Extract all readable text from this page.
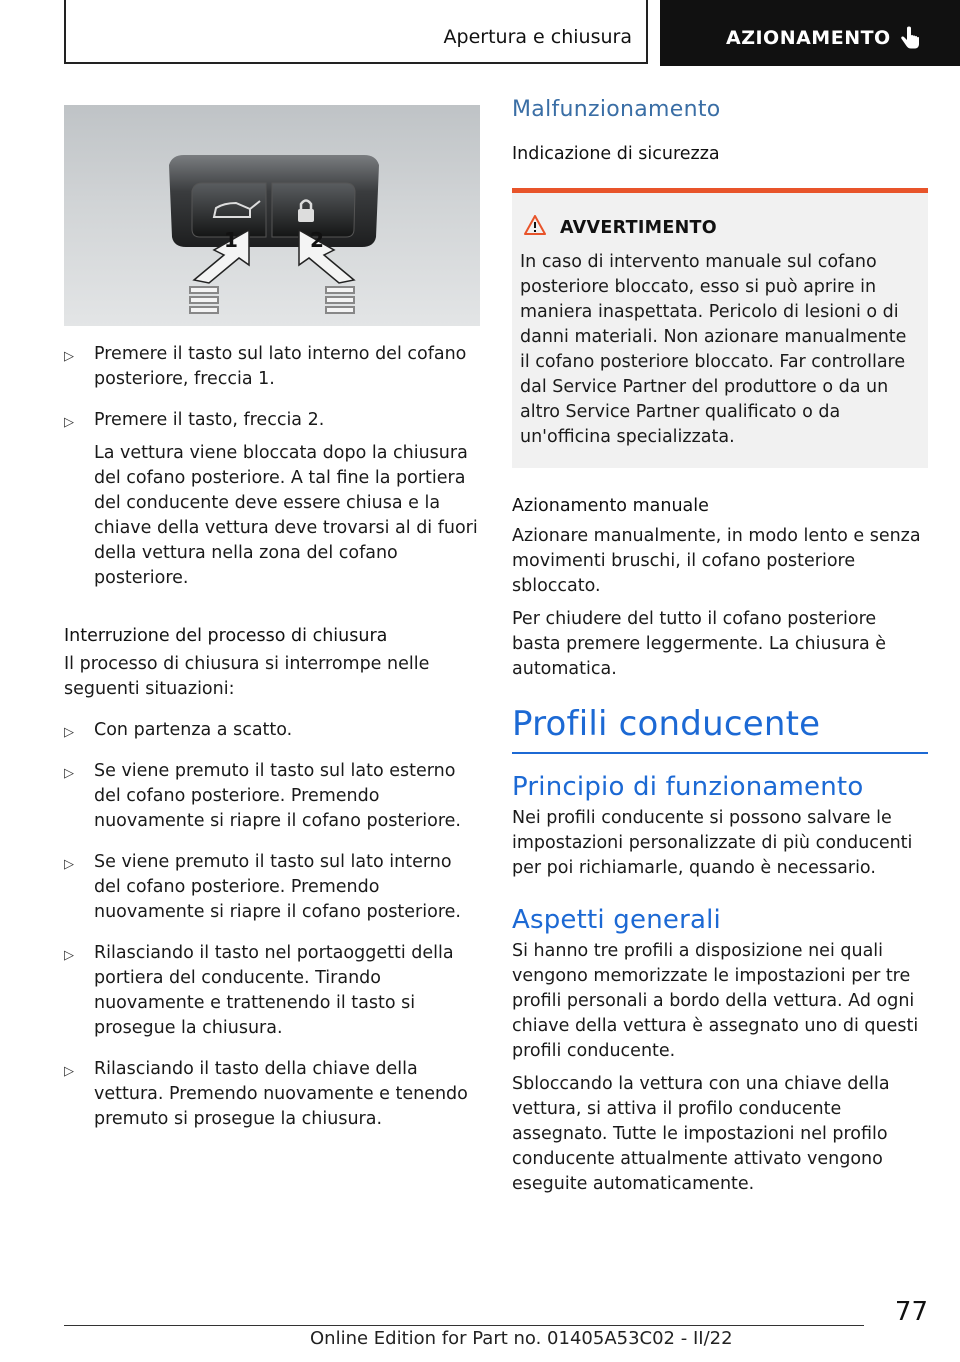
Apertura e chiusura	AZIONAMENTO
1	2
▷ Premere il tasto sul lato interno del cofano posteriore, freccia 1.
▷ Premere il tasto, freccia 2.

La vettura viene bloccata dopo la chiusura del cofano posteriore. A tal fine la portiera del conducente deve essere chiusa e la chiave della vettura deve trovarsi al di fuori della vettura nella zona del cofano posteriore.

Interruzione del processo di chiusura

Il processo di chiusura si interrompe nelle seguenti situazioni:

▷ Con partenza a scatto.
▷ Se viene premuto il tasto sul lato esterno del cofano posteriore. Premendo nuovamente si riapre il cofano posteriore.
▷ Se viene premuto il tasto sul lato interno del cofano posteriore. Premendo nuovamente si riapre il cofano posteriore.
▷ Rilasciando il tasto nel portaoggetti della portiera del conducente. Tirando nuovamente e trattenendo il tasto si prosegue la chiusura.
▷ Rilasciando il tasto della chiave della vettura. Premendo nuovamente e tenendo premuto si prosegue la chiusura.
Malfunzionamento
Indicazione di sicurezza
AVVERTIMENTO

In caso di intervento manuale sul cofano posteriore bloccato, esso si può aprire in maniera inaspettata. Pericolo di lesioni o di danni materiali. Non azionare manualmente il cofano posteriore bloccato. Far controllare dal Service Partner del produttore o da un altro Service Partner qualificato o da un'officina specializzata.

Azionamento manuale

Azionare manualmente, in modo lento e senza movimenti bruschi, il cofano posteriore sbloccato.

Per chiudere del tutto il cofano posteriore basta premere leggermente. La chiusura è automatica.

Profili conducente
Principio di funzionamento

Nei profili conducente si possono salvare le impostazioni personalizzate di più conducenti per poi richiamarle, quando è necessario.

Aspetti generali

Si hanno tre profili a disposizione nei quali vengono memorizzate le impostazioni per tre profili personali a bordo della vettura. Ad ogni chiave della vettura è assegnato uno di questi profili conducente.

Sbloccando la vettura con una chiave della vettura, si attiva il profilo conducente assegnato. Tutte le impostazioni nel profilo conducente attualmente attivato vengono eseguite automaticamente.

77
Online Edition for Part no. 01405A53C02 - II/22
